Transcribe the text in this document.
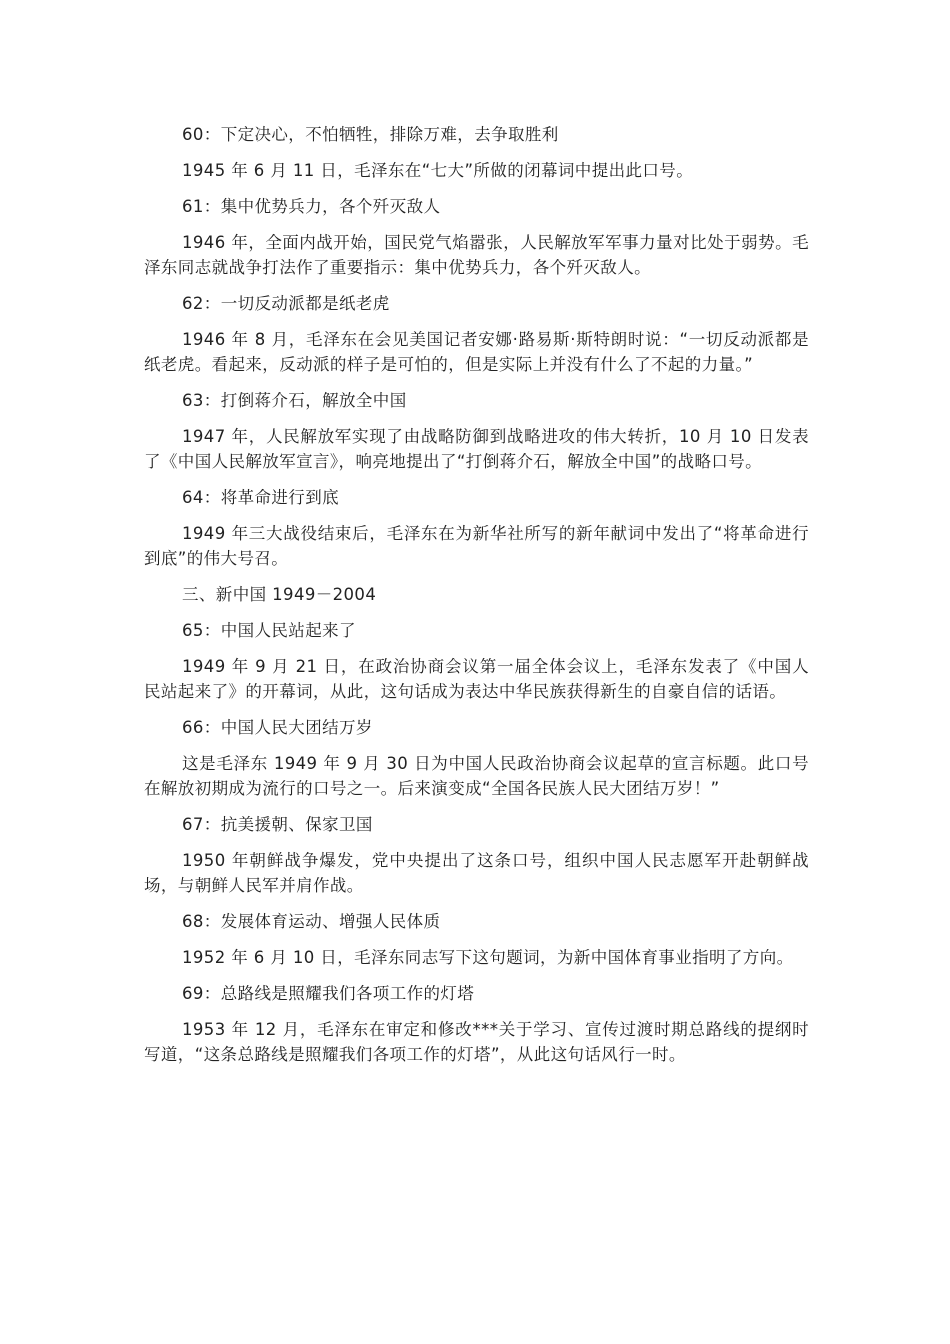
60：下定决心，不怕牺牲，排除万难，去争取胜利

1945 年 6 月 11 日，毛泽东在“七大”所做的闭幕词中提出此口号。

61：集中优势兵力，各个歼灭敌人

1946 年，全面内战开始，国民党气焰嚣张，人民解放军军事力量对比处于弱势。毛泽东同志就战争打法作了重要指示：集中优势兵力，各个歼灭敌人。

62：一切反动派都是纸老虎

1946 年 8 月，毛泽东在会见美国记者安娜·路易斯·斯特朗时说：“一切反动派都是纸老虎。看起来，反动派的样子是可怕的，但是实际上并没有什么了不起的力量。”

63：打倒蒋介石，解放全中国

1947 年，人民解放军实现了由战略防御到战略进攻的伟大转折，10 月 10 日发表了《中国人民解放军宣言》，响亮地提出了“打倒蒋介石，解放全中国”的战略口号。

64：将革命进行到底

1949 年三大战役结束后，毛泽东在为新华社所写的新年献词中发出了“将革命进行到底”的伟大号召。

三、新中国 1949－2004

65：中国人民站起来了

1949 年 9 月 21 日，在政治协商会议第一届全体会议上，毛泽东发表了《中国人民站起来了》的开幕词，从此，这句话成为表达中华民族获得新生的自豪自信的话语。

66：中国人民大团结万岁

这是毛泽东 1949 年 9 月 30 日为中国人民政治协商会议起草的宣言标题。此口号在解放初期成为流行的口号之一。后来演变成“全国各民族人民大团结万岁！”

67：抗美援朝、保家卫国

1950 年朝鲜战争爆发，党中央提出了这条口号，组织中国人民志愿军开赴朝鲜战场，与朝鲜人民军并肩作战。

68：发展体育运动、增强人民体质

1952 年 6 月 10 日，毛泽东同志写下这句题词，为新中国体育事业指明了方向。

69：总路线是照耀我们各项工作的灯塔

1953 年 12 月，毛泽东在审定和修改***关于学习、宣传过渡时期总路线的提纲时写道，“这条总路线是照耀我们各项工作的灯塔”，从此这句话风行一时。
